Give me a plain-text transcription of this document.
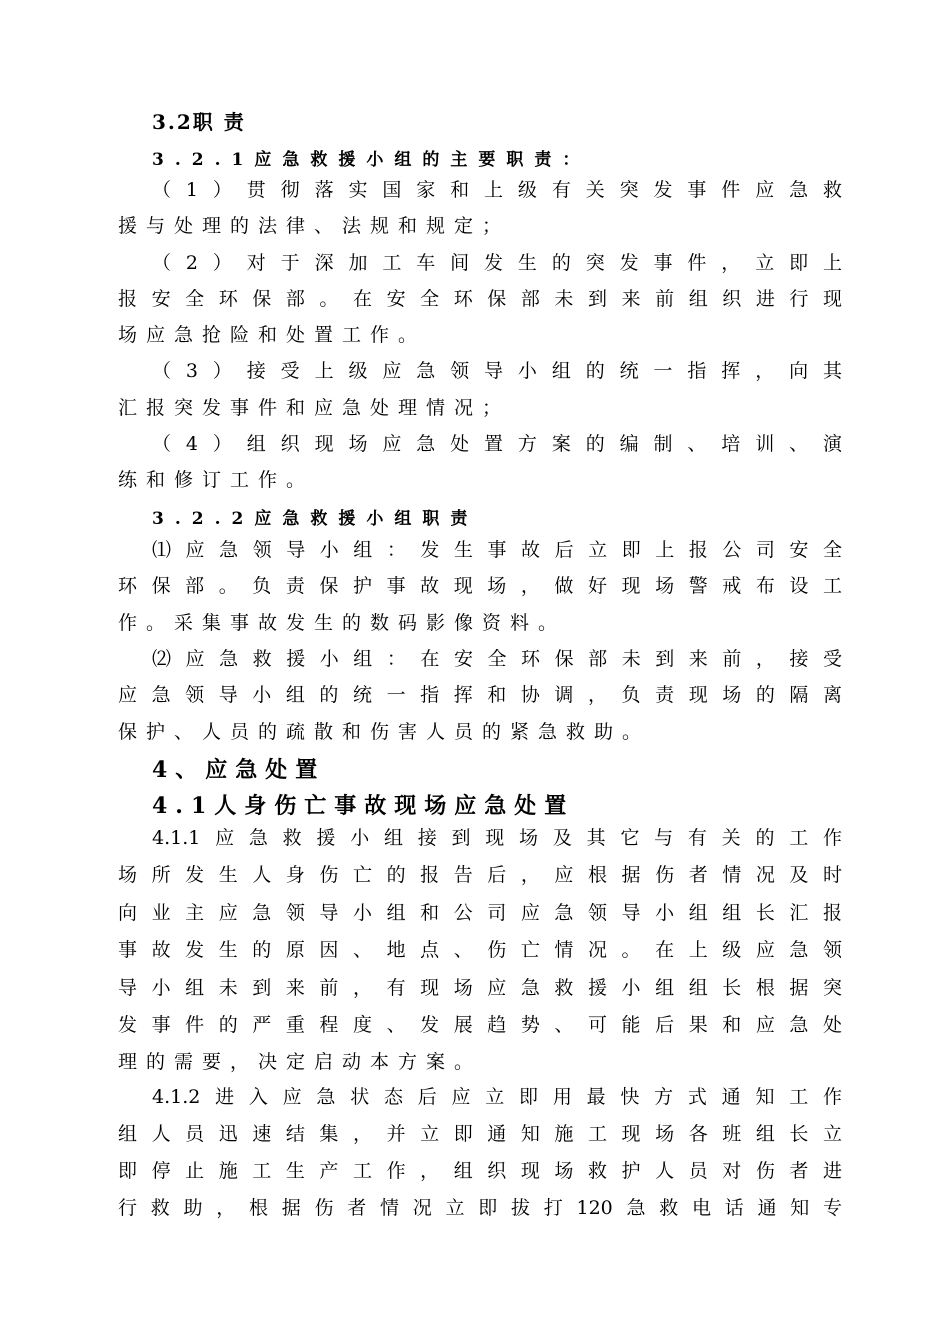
3.2职 责
3.2.1应急救援小组的主要职责：
（1）贯彻落实国家和上级有关突发事件应急救
援与处理的法律、法规和规定；
（2）对于深加工车间发生的突发事件，立即上
报安全环保部。在安全环保部未到来前组织进行现
场应急抢险和处置工作。
（3）接受上级应急领导小组的统一指挥，向其
汇报突发事件和应急处理情况；
（4）组织现场应急处置方案的编制、培训、演
练和修订工作。
3.2.2应急救援小组职责
⑴应急领导小组：发生事故后立即上报公司安全
环保部。负责保护事故现场，做好现场警戒布设工
作。采集事故发生的数码影像资料。
⑵应急救援小组：在安全环保部未到来前，接受
应急领导小组的统一指挥和协调，负责现场的隔离
保护、人员的疏散和伤害人员的紧急救助。
4、应急处置
4.1人身伤亡事故现场应急处置
4.1.1应急救援小组接到现场及其它与有关的工作
场所发生人身伤亡的报告后，应根据伤者情况及时
向业主应急领导小组和公司应急领导小组组长汇报
事故发生的原因、地点、伤亡情况。在上级应急领
导小组未到来前，有现场应急救援小组组长根据突
发事件的严重程度、发展趋势、可能后果和应急处
理的需要，决定启动本方案。
4.1.2进入应急状态后应立即用最快方式通知工作
组人员迅速结集，并立即通知施工现场各班组长立
即停止施工生产工作，组织现场救护人员对伤者进
行救助，根据伤者情况立即拔打120急救电话通知专
